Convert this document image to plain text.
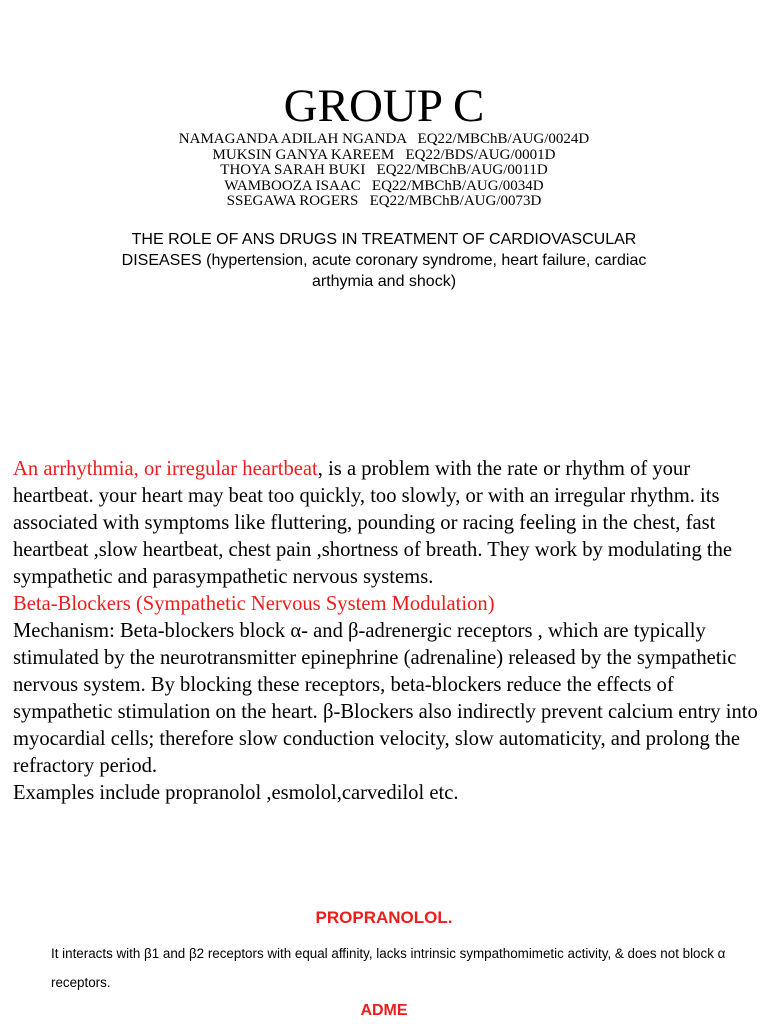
GROUP C
NAMAGANDA ADILAH NGANDA   EQ22/MBChB/AUG/0024D
MUKSIN GANYA KAREEM   EQ22/BDS/AUG/0001D
THOYA SARAH BUKI   EQ22/MBChB/AUG/0011D
WAMBOOZA ISAAC   EQ22/MBChB/AUG/0034D
SSEGAWA ROGERS   EQ22/MBChB/AUG/0073D

THE ROLE OF ANS DRUGS IN TREATMENT OF CARDIOVASCULAR DISEASES (hypertension, acute coronary syndrome, heart failure, cardiac arthymia and shock)

An arrhythmia, or irregular heartbeat, is a problem with the rate or rhythm of your heartbeat. your heart may beat too quickly, too slowly, or with an irregular rhythm. its associated with symptoms like fluttering, pounding or racing feeling in the chest, fast heartbeat ,slow heartbeat, chest pain ,shortness of breath. They work by modulating the sympathetic and parasympathetic nervous systems.
Beta-Blockers (Sympathetic Nervous System Modulation)
Mechanism: Beta-blockers block α- and β-adrenergic receptors , which are typically stimulated by the neurotransmitter epinephrine (adrenaline) released by the sympathetic nervous system. By blocking these receptors, beta-blockers reduce the effects of sympathetic stimulation on the heart. β-Blockers also indirectly prevent calcium entry into myocardial cells; therefore slow conduction velocity, slow automaticity, and prolong the refractory period.
Examples include propranolol ,esmolol,carvedilol etc.
PROPRANOLOL.

It interacts with β1 and β2 receptors with equal affinity, lacks intrinsic sympathomimetic activity, & does not block α receptors.

ADME
